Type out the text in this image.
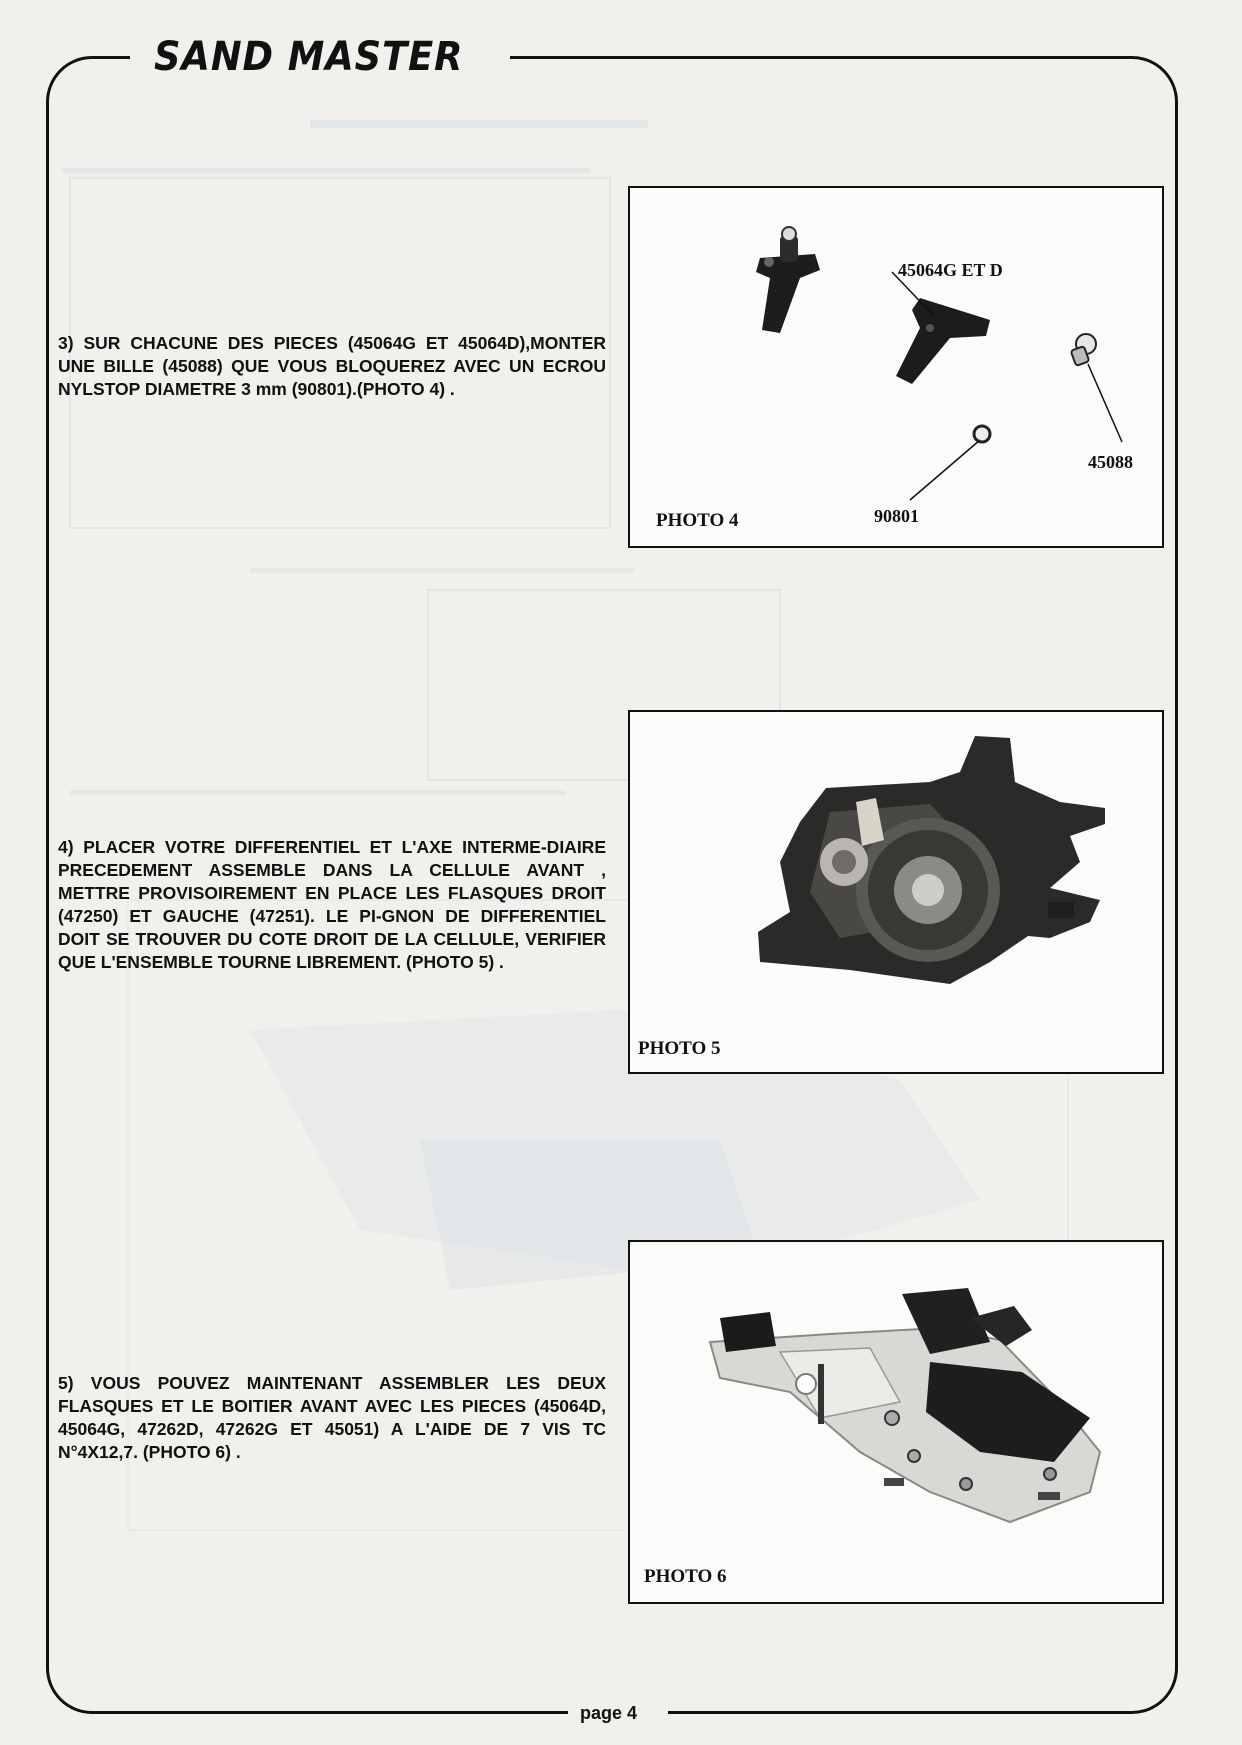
▬▬▬▬▬▬▬▬▬▬▬▬▬
▬▬▬▬▬▬▬▬▬▬▬▬▬▬▬▬▬▬▬▬▬▬▬▬▬▬▬▬▬▬▬▬▬
▬▬▬▬▬▬▬▬▬▬▬▬▬▬▬▬▬▬▬▬▬▬▬▬
▬▬▬▬▬▬▬▬▬▬▬▬▬▬▬▬▬▬▬▬▬▬▬▬▬▬▬▬▬▬▬
SAND MASTER
3) SUR CHACUNE DES PIECES (45064G ET 45064D),MONTER UNE BILLE (45088) QUE VOUS BLOQUEREZ AVEC UN ECROU NYLSTOP DIAMETRE 3 mm (90801).(PHOTO 4) .
4) PLACER VOTRE DIFFERENTIEL ET L'AXE INTERME-DIAIRE PRECEDEMENT ASSEMBLE DANS LA CELLULE AVANT , METTRE PROVISOIREMENT EN PLACE LES FLASQUES DROIT (47250) ET GAUCHE (47251). LE PI-GNON DE DIFFERENTIEL DOIT SE TROUVER DU COTE DROIT DE LA CELLULE, VERIFIER QUE L'ENSEMBLE TOURNE LIBREMENT. (PHOTO 5) .
5) VOUS POUVEZ MAINTENANT ASSEMBLER LES DEUX FLASQUES ET LE BOITIER AVANT AVEC LES PIECES (45064D, 45064G, 47262D, 47262G ET 45051) A L'AIDE DE 7 VIS TC N°4X12,7. (PHOTO 6) .
45064G ET D
45088
90801
PHOTO 4
PHOTO 5
PHOTO 6
page 4
